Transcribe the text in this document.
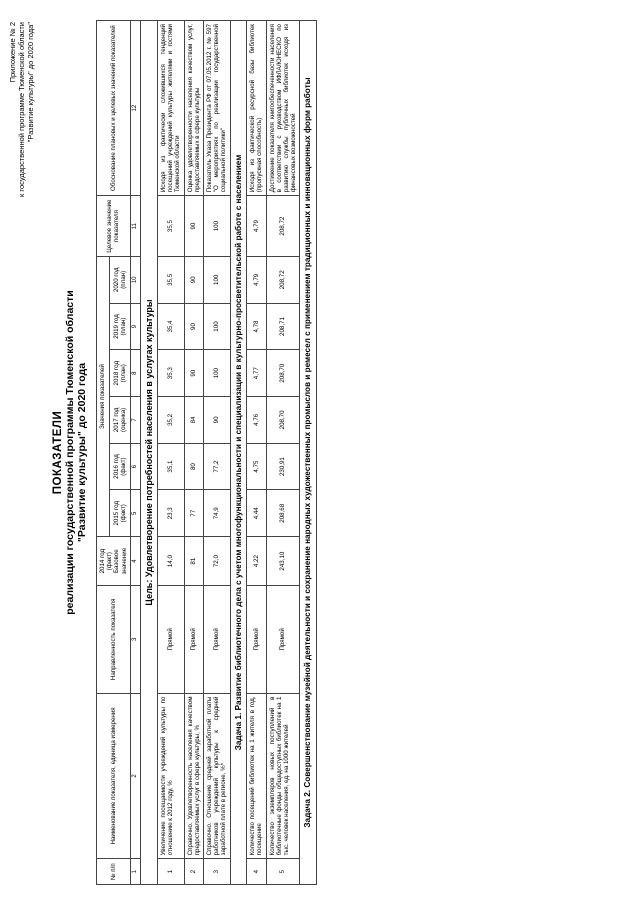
Приложение № 2 к государственной программе Тюменской области "Развитие культуры" до 2020 года"
ПОКАЗАТЕЛИ реализации государственной программы Тюменской области "Развитие культуры" до 2020 года
№ п/п	Наименование показателя, единица измерения	Направленность показателя	2014 год (факт) Базовое значение	Значения показателей						Целевое значение показателя	Обоснование плановых и целевых значений показателей
				2015 год (факт)	2016 год (факт)	2017 год (оценка)	2018 год (план)	2019 год (план)	2020 год (план)		
1	2	3	4	5	6	7	8	9	10	11	12
Цель: Удовлетворение потребностей населения в услугах культуры											
1	Увеличение посещаемости учреждений культуры по отношению к 2012 году, %	Прямой	14,0	23,3	35,1	35,2	35,3	35,4	35,5	35,5	Исходя из фактически сложившихся тенденций посещений учреждений культуры жителями и гостями Тюменской области
2	Справочно. Удовлетворенность населения качеством предоставляемых услуг в сфере культуры, %	Прямой	81	77	80	84	90	90	90	90	Оценка удовлетворенности населения качеством услуг, предоставляемых в сфере культуры
3	Справочно. Отношение средней заработной платы работников учреждений культуры к средней заработной плате в регионе, %*	Прямой	72,0	74,9	77,2	90	100	100	100	100	Показатель Указа Президента РФ от 07.05.2012 г. № 597 "О мероприятиях по реализации государственной социальной политики"
Задача 1. Развитие библиотечного дела с учетом многофункциональности и специализации в культурно-просветительской работе с населением											
4	Количество посещений библиотек на 1 жителя в год, посещение	Прямой	4,22	4,44	4,75	4,76	4,77	4,78	4,79	4,79	Исходя из фактической ресурсной базы библиотек (пропускная способность)
5	Количество экземпляров новых поступлений в библиотечные фонды общедоступных библиотек на 1 тыс. человек населения, ед. на 1000 жителей	Прямой	243,10	208,68	230,91	208,70	208,70	208,71	208,72	208,72	Достижение показателя книгообеспеченности населения в соответствии с руководством ИФЛА/ЮНЕСКО по развитию службы публичных библиотек исходя из финансовых возможностей
Задача 2. Совершенствование музейной деятельности и сохранение народных художественных промыслов и ремесел с применением традиционных и инновационных форм работы											
